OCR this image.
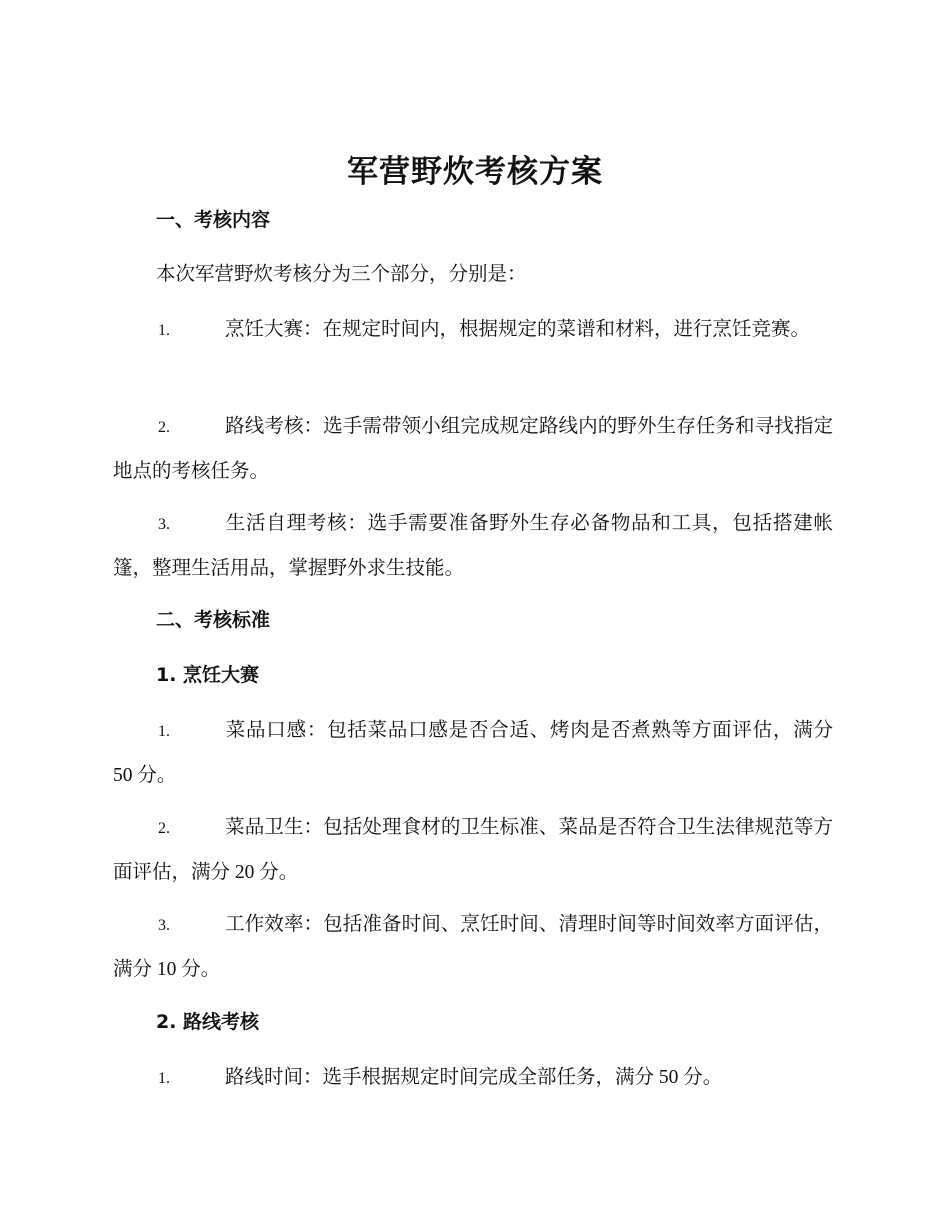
军营野炊考核方案
一、考核内容
本次军营野炊考核分为三个部分，分别是：
1.	烹饪大赛：在规定时间内，根据规定的菜谱和材料，进行烹饪竞赛。
2.	路线考核：选手需带领小组完成规定路线内的野外生存任务和寻找指定地点的考核任务。
3.	生活自理考核：选手需要准备野外生存必备物品和工具，包括搭建帐篷，整理生活用品，掌握野外求生技能。
二、考核标准
1. 烹饪大赛
1.	菜品口感：包括菜品口感是否合适、烤肉是否煮熟等方面评估，满分 50 分。
2.	菜品卫生：包括处理食材的卫生标准、菜品是否符合卫生法律规范等方面评估，满分 20 分。
3.	工作效率：包括准备时间、烹饪时间、清理时间等时间效率方面评估，满分 10 分。
2. 路线考核
1.	路线时间：选手根据规定时间完成全部任务，满分 50 分。
